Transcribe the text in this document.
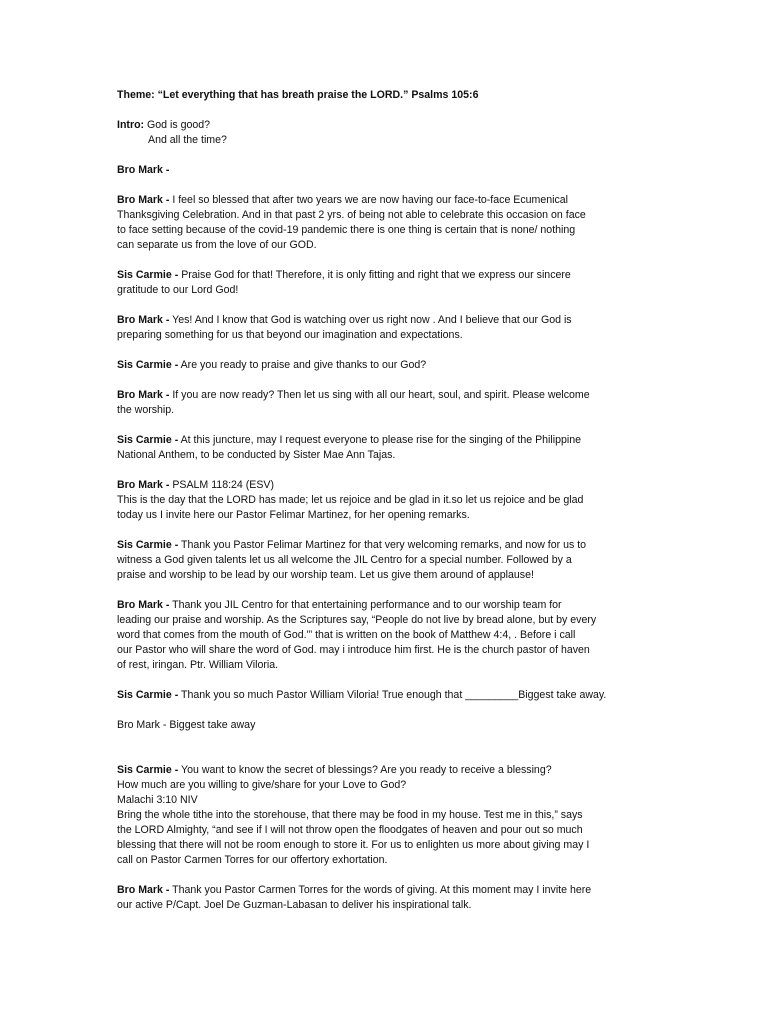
Theme: “Let everything that has breath praise the LORD.” Psalms 105:6
Intro: God is good?
And all the time?
Bro Mark -
Bro Mark - I feel so blessed that after two years we are now having our face-to-face Ecumenical
Thanksgiving Celebration. And in that past 2 yrs. of being not able to celebrate this occasion on face
to face setting because of the covid-19 pandemic there is one thing is certain that is none/ nothing
can separate us from the love of our GOD.
Sis Carmie - Praise God for that! Therefore, it is only fitting and right that we express our sincere
gratitude to our Lord God!
Bro Mark - Yes! And I know that God is watching over us right now . And I believe that our God is
preparing something for us that beyond our imagination and expectations.
Sis Carmie - Are you ready to praise and give thanks to our God?
Bro Mark - If you are now ready? Then let us sing with all our heart, soul, and spirit. Please welcome
the worship.
Sis Carmie - At this juncture, may I request everyone to please rise for the singing of the Philippine
National Anthem, to be conducted by Sister Mae Ann Tajas.
Bro Mark - PSALM 118:24 (ESV)
This is the day that the LORD has made; let us rejoice and be glad in it.so let us rejoice and be glad
today us I invite here our Pastor Felimar Martinez, for her opening remarks.
Sis Carmie - Thank you Pastor Felimar Martinez for that very welcoming remarks, and now for us to
witness a God given talents let us all welcome the JIL Centro for a special number. Followed by a
praise and worship to be lead by our worship team. Let us give them around of applause!
Bro Mark - Thank you JIL Centro for that entertaining performance and to our worship team for
leading our praise and worship. As the Scriptures say, “People do not live by bread alone, but by every
word that comes from the mouth of God.'” that is written on the book of Matthew 4:4, . Before i call
our Pastor who will share the word of God. may i introduce him first. He is the church pastor of haven
of rest, iringan. Ptr. William Viloria.
Sis Carmie - Thank you so much Pastor William Viloria! True enough that _________Biggest take away.
Bro Mark - Biggest take away
Sis Carmie - You want to know the secret of blessings? Are you ready to receive a blessing?
How much are you willing to give/share for your Love to God?
Malachi 3:10 NIV
Bring the whole tithe into the storehouse, that there may be food in my house. Test me in this,” says
the LORD Almighty, “and see if I will not throw open the floodgates of heaven and pour out so much
blessing that there will not be room enough to store it. For us to enlighten us more about giving may I
call on Pastor Carmen Torres for our offertory exhortation.
Bro Mark - Thank you Pastor Carmen Torres for the words of giving. At this moment may I invite here
our active P/Capt. Joel De Guzman-Labasan to deliver his inspirational talk.
